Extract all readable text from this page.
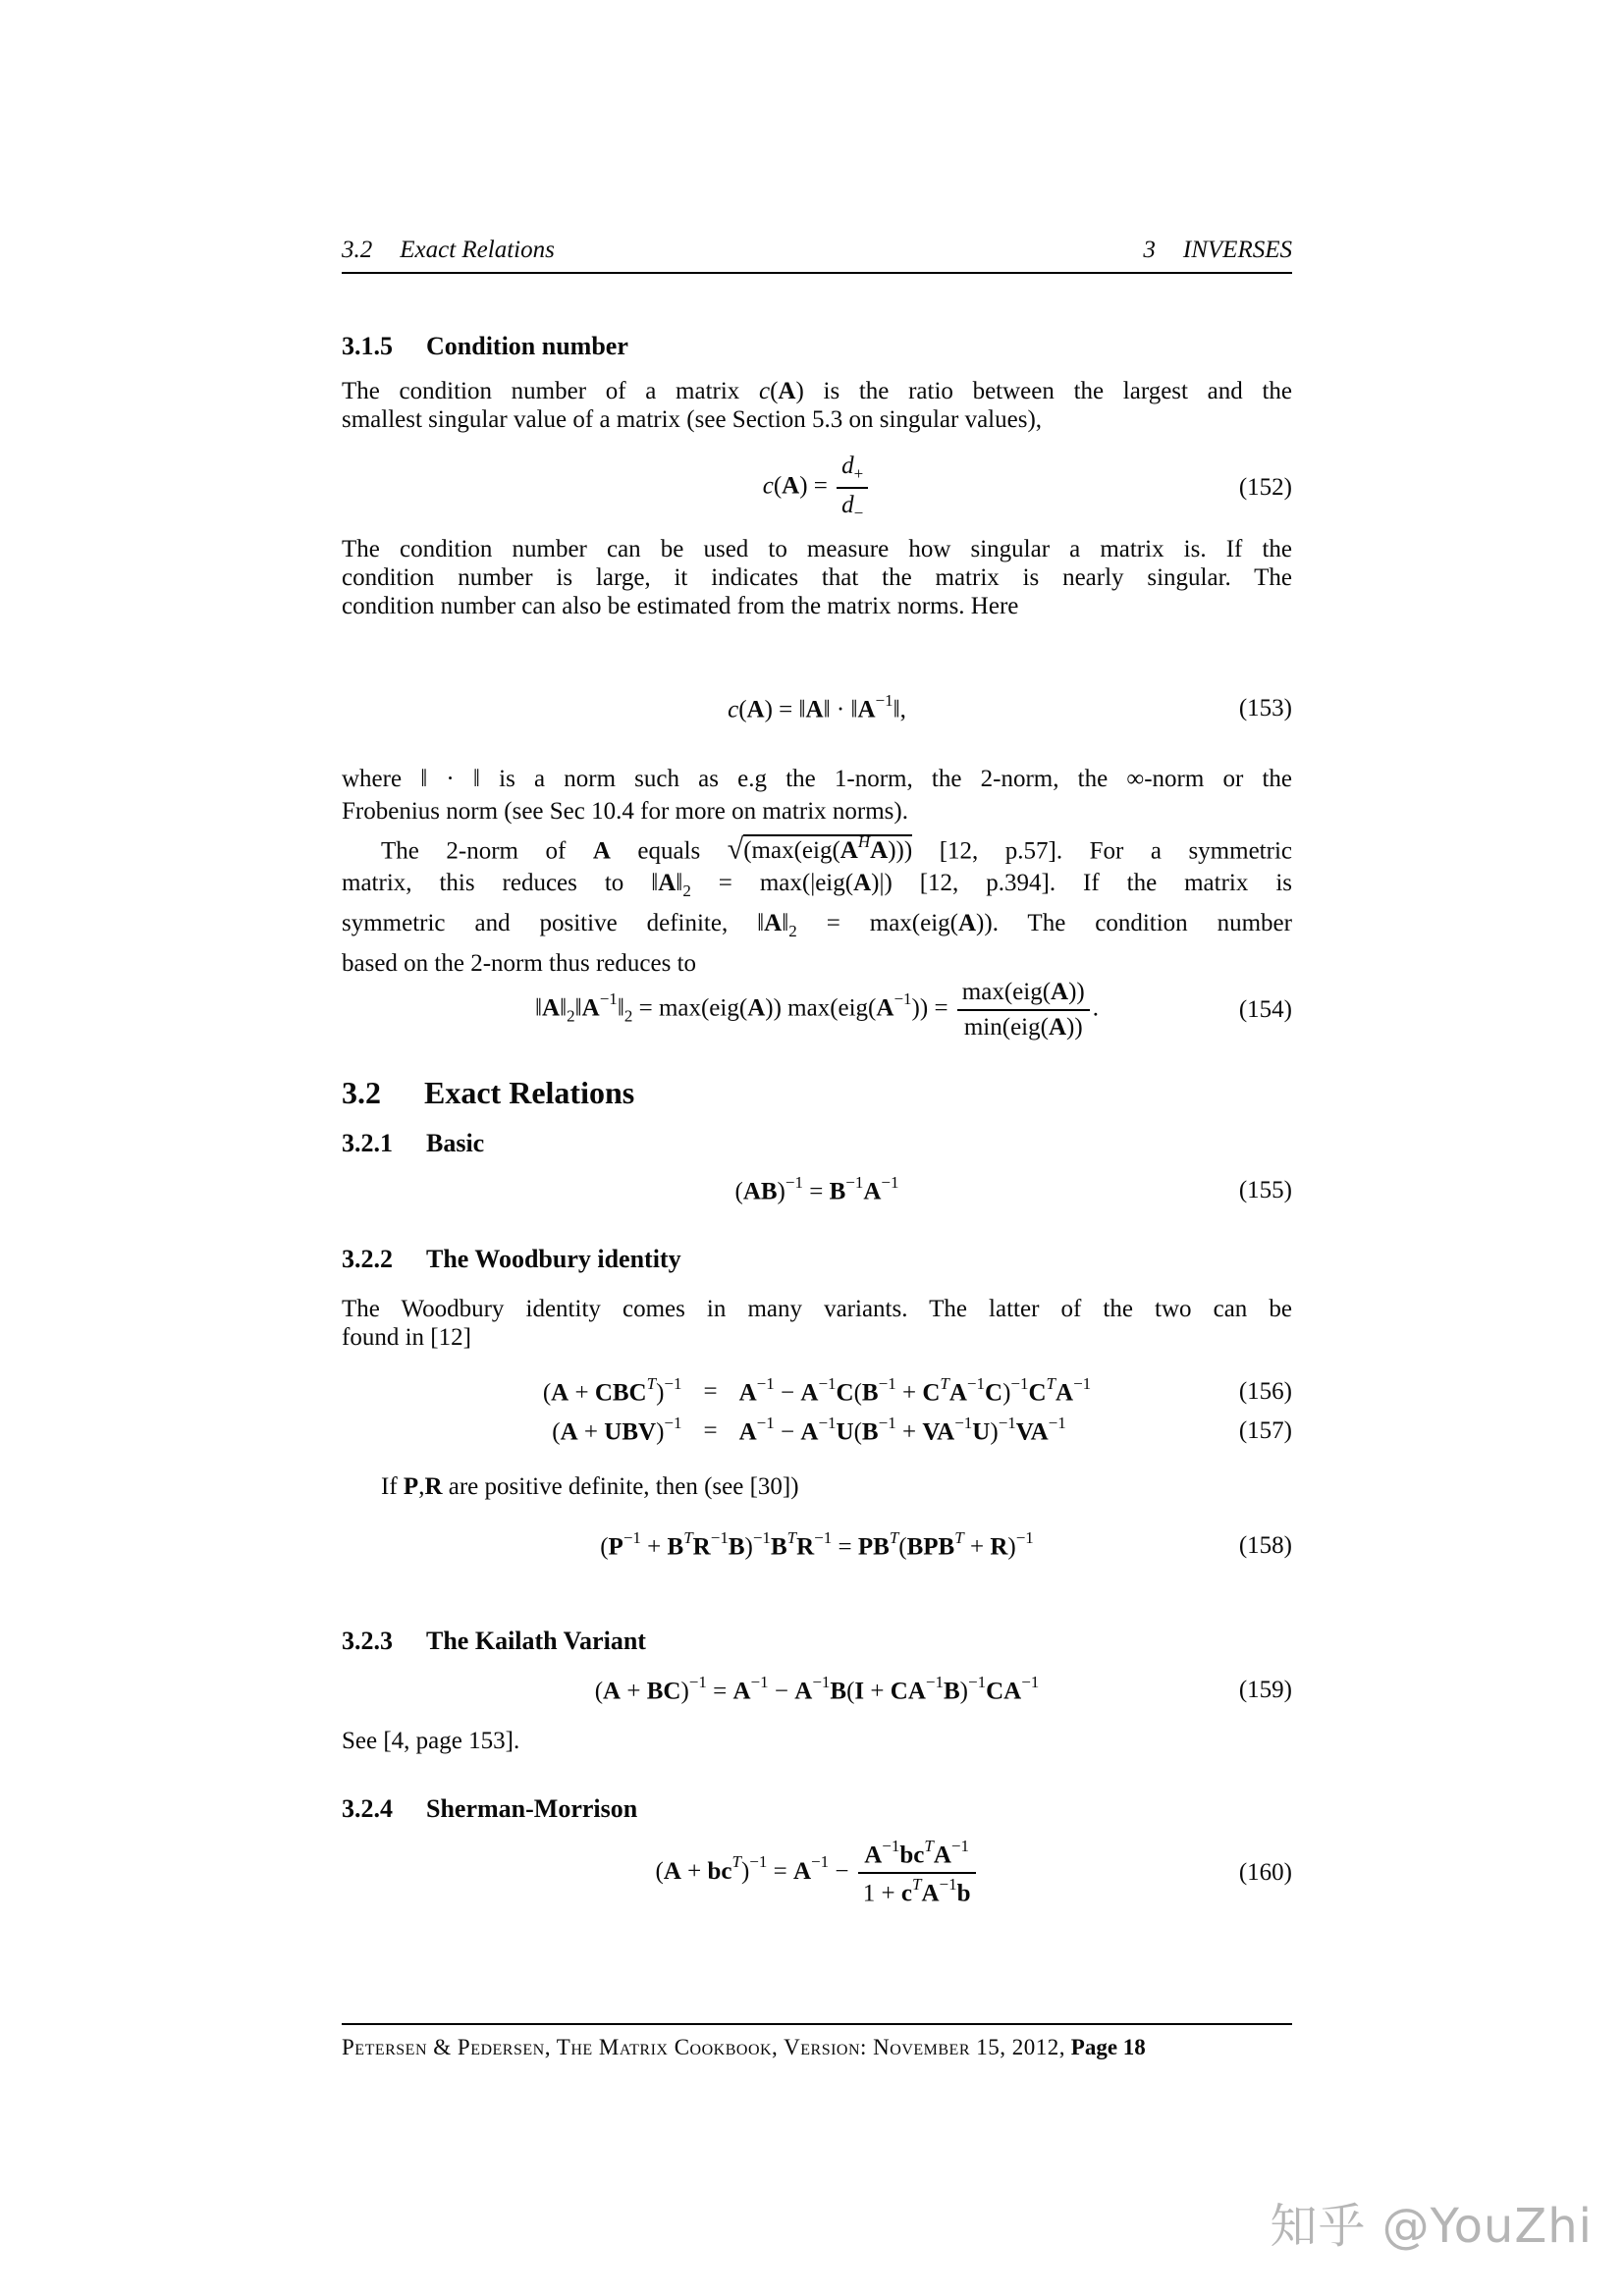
3.2 Exact Relations	3 INVERSES
3.1.5 Condition number
The condition number of a matrix c(A) is the ratio between the largest and the
smallest singular value of a matrix (see Section 5.3 on singular values),
$c(A) = \frac{d_+}{d_-}$	(152)
The condition number can be used to measure how singular a matrix is. If the
condition number is large, it indicates that the matrix is nearly singular. The
condition number can also be estimated from the matrix norms. Here
c(A) = ‖A‖ · $‖A^{-1}‖$,	(153)
where ‖ · ‖ is a norm such as e.g the 1-norm, the 2-norm, the ∞-norm or the
Frobenius norm (see Sec 10.4 for more on matrix norms).
The 2-norm of A equals $√(\max(eig(A^HA)))$ [12, p.57]. For a symmetric
matrix, this reduces to $‖A‖_2 = \max(|eig(A)|)$ [12, p.394]. If the matrix is
symmetric and positive definite, $‖A‖_2 = \max(eig(A))$. The condition number
based on the 2-norm thus reduces to
$‖A‖_2‖A^{-1}‖_2 = \max(eig(A)) \max(eig(A^{-1})) = \frac{\text{max(eig(A))}}{\text{min(eig(A))}}$ .	(154)
3.2 Exact Relations
3.2.1 Basic
$(AB)^{-1} = B^{-1}A^{-1}$	(155)
3.2.2 The Woodbury identity
The Woodbury identity comes in many variants. The latter of the two can be
found in [12]
$(A + CBC^T)^{-1}$	=	$A^{-1} - A^{-1}C(B^{-1} + C^TA^{-1}C)^{-1}C^TA^{-1}$
(A + UBV)$^{-1}$	=	$A^{-1} - A^{-1}U(B^{-1} + VA^{-1}U)^{-1}VA^{-1}$
(156)
(157)
If P,R are positive definite, then (see [30])
$(P^{-1} + B^TR^{-1}B)^{-1}B^TR^{-1} = PB^T(BPB^T + R)^{-1}$	(158)
3.2.3 The Kailath Variant
$(A + BC)^{-1} = A^{-1} - A^{-1}B(I + CA^{-1}B)^{-1}CA^{-1}$	(159)
See [4, page 153].
3.2.4 Sherman-Morrison
$(A + bc^T)^{-1} = A^{-1} - \frac{A^{-1}bc^TA^{-1}}{1 + c^TA^{-1}b}$	(160)
Petersen & Pedersen, The Matrix Cookbook, Version: November 15, 2012, Page 18
知乎 @YouZhi
